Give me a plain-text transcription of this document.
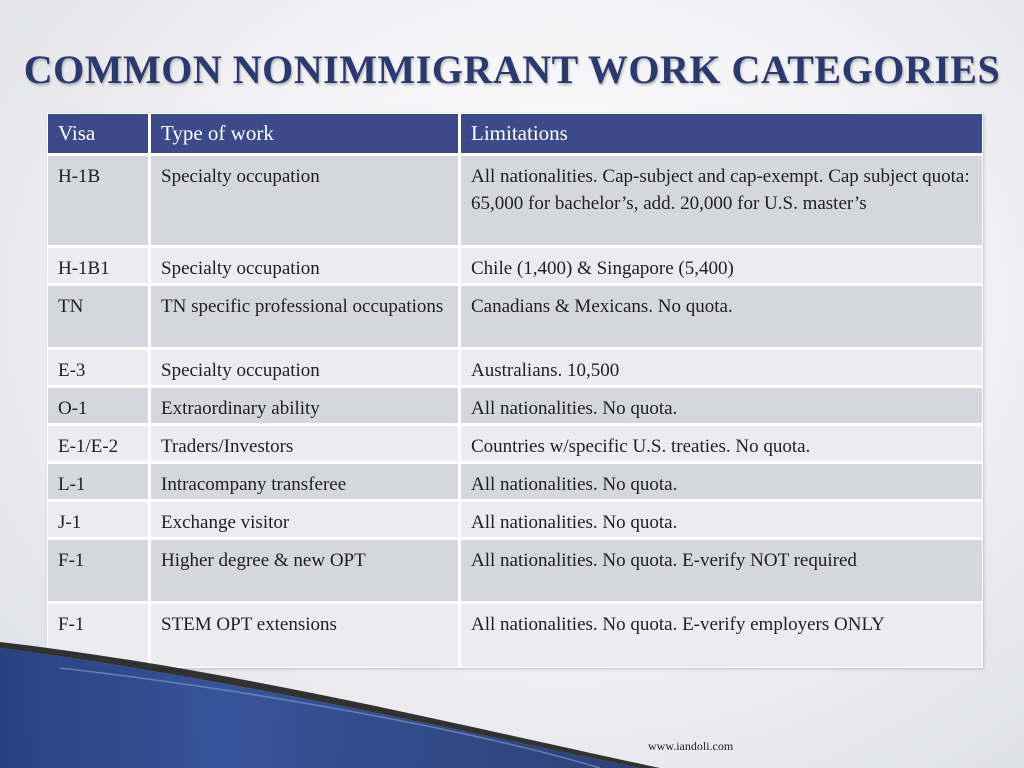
COMMON NONIMMIGRANT WORK CATEGORIES
Visa	Type of work	Limitations
H-1B	Specialty occupation	All nationalities. Cap-subject and cap-exempt. Cap subject quota: 65,000 for bachelor’s, add. 20,000 for U.S. master’s
H-1B1	Specialty occupation	Chile (1,400) & Singapore (5,400)
TN	TN specific professional occupations	Canadians & Mexicans. No quota.
E-3	Specialty occupation	Australians. 10,500
O-1	Extraordinary ability	All nationalities. No quota.
E-1/E-2	Traders/Investors	Countries w/specific U.S. treaties. No quota.
L-1	Intracompany transferee	All nationalities. No quota.
J-1	Exchange visitor	All nationalities. No quota.
F-1	Higher degree & new OPT	All nationalities. No quota. E-verify NOT required
F-1	STEM OPT extensions	All nationalities. No quota. E-verify employers ONLY
www.iandoli.com
